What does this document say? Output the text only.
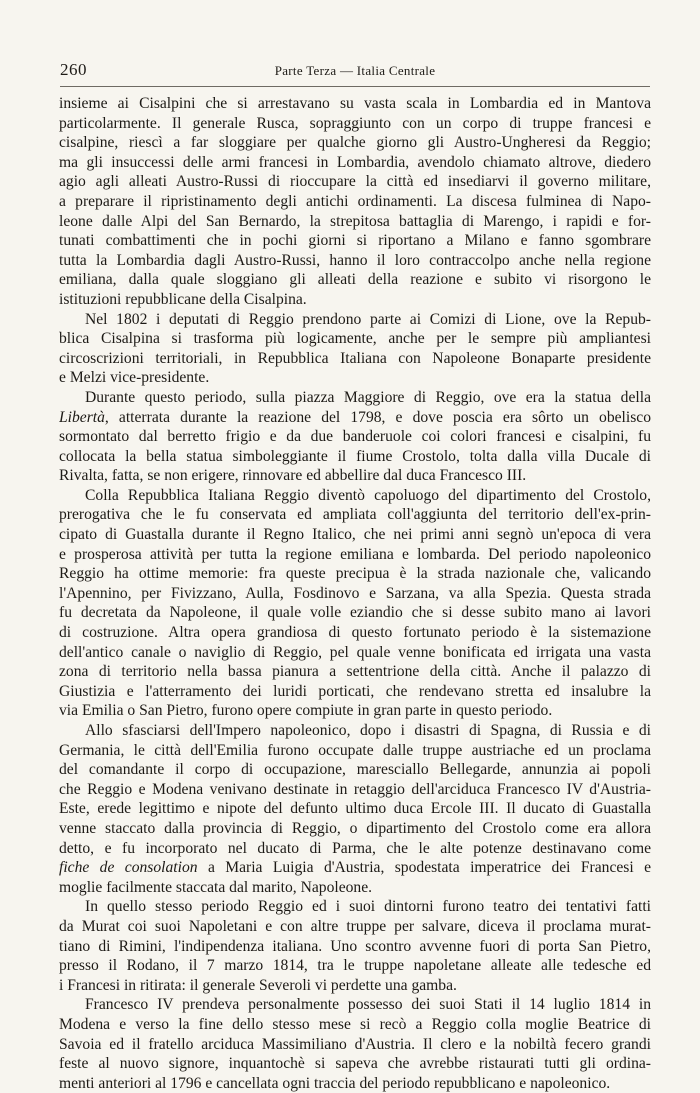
260	Parte Terza — Italia Centrale
insieme ai Cisalpini che si arrestavano su vasta scala in Lombardia ed in Mantova
particolarmente. Il generale Rusca, sopraggiunto con un corpo di truppe francesi e
cisalpine, riescì a far sloggiare per qualche giorno gli Austro-Ungheresi da Reggio;
ma gli insuccessi delle armi francesi in Lombardia, avendolo chiamato altrove, diedero
agio agli alleati Austro-Russi di rioccupare la città ed insediarvi il governo militare,
a preparare il ripristinamento degli antichi ordinamenti. La discesa fulminea di Napo-
leone dalle Alpi del San Bernardo, la strepitosa battaglia di Marengo, i rapidi e for-
tunati combattimenti che in pochi giorni si riportano a Milano e fanno sgombrare
tutta la Lombardia dagli Austro-Russi, hanno il loro contraccolpo anche nella regione
emiliana, dalla quale sloggiano gli alleati della reazione e subito vi risorgono le
istituzioni repubblicane della Cisalpina.
Nel 1802 i deputati di Reggio prendono parte ai Comizi di Lione, ove la Repub-
blica Cisalpina si trasforma più logicamente, anche per le sempre più ampliantesi
circoscrizioni territoriali, in Repubblica Italiana con Napoleone Bonaparte presidente
e Melzi vice-presidente.
Durante questo periodo, sulla piazza Maggiore di Reggio, ove era la statua della
Libertà, atterrata durante la reazione del 1798, e dove poscia era sôrto un obelisco
sormontato dal berretto frigio e da due banderuole coi colori francesi e cisalpini, fu
collocata la bella statua simboleggiante il fiume Crostolo, tolta dalla villa Ducale di
Rivalta, fatta, se non erigere, rinnovare ed abbellire dal duca Francesco III.
Colla Repubblica Italiana Reggio diventò capoluogo del dipartimento del Crostolo,
prerogativa che le fu conservata ed ampliata coll'aggiunta del territorio dell'ex-prin-
cipato di Guastalla durante il Regno Italico, che nei primi anni segnò un'epoca di vera
e prosperosa attività per tutta la regione emiliana e lombarda. Del periodo napoleonico
Reggio ha ottime memorie: fra queste precipua è la strada nazionale che, valicando
l'Apennino, per Fivizzano, Aulla, Fosdinovo e Sarzana, va alla Spezia. Questa strada
fu decretata da Napoleone, il quale volle eziandio che si desse subito mano ai lavori
di costruzione. Altra opera grandiosa di questo fortunato periodo è la sistemazione
dell'antico canale o naviglio di Reggio, pel quale venne bonificata ed irrigata una vasta
zona di territorio nella bassa pianura a settentrione della città. Anche il palazzo di
Giustizia e l'atterramento dei luridi porticati, che rendevano stretta ed insalubre la
via Emilia o San Pietro, furono opere compiute in gran parte in questo periodo.
Allo sfasciarsi dell'Impero napoleonico, dopo i disastri di Spagna, di Russia e di
Germania, le città dell'Emilia furono occupate dalle truppe austriache ed un proclama
del comandante il corpo di occupazione, maresciallo Bellegarde, annunzia ai popoli
che Reggio e Modena venivano destinate in retaggio dell'arciduca Francesco IV d'Austria-
Este, erede legittimo e nipote del defunto ultimo duca Ercole III. Il ducato di Guastalla
venne staccato dalla provincia di Reggio, o dipartimento del Crostolo come era allora
detto, e fu incorporato nel ducato di Parma, che le alte potenze destinavano come
fiche de consolation a Maria Luigia d'Austria, spodestata imperatrice dei Francesi e
moglie facilmente staccata dal marito, Napoleone.
In quello stesso periodo Reggio ed i suoi dintorni furono teatro dei tentativi fatti
da Murat coi suoi Napoletani e con altre truppe per salvare, diceva il proclama murat-
tiano di Rimini, l'indipendenza italiana. Uno scontro avvenne fuori di porta San Pietro,
presso il Rodano, il 7 marzo 1814, tra le truppe napoletane alleate alle tedesche ed
i Francesi in ritirata: il generale Severoli vi perdette una gamba.
Francesco IV prendeva personalmente possesso dei suoi Stati il 14 luglio 1814 in
Modena e verso la fine dello stesso mese si recò a Reggio colla moglie Beatrice di
Savoia ed il fratello arciduca Massimiliano d'Austria. Il clero e la nobiltà fecero grandi
feste al nuovo signore, inquantochè si sapeva che avrebbe ristaurati tutti gli ordina-
menti anteriori al 1796 e cancellata ogni traccia del periodo repubblicano e napoleonico.
